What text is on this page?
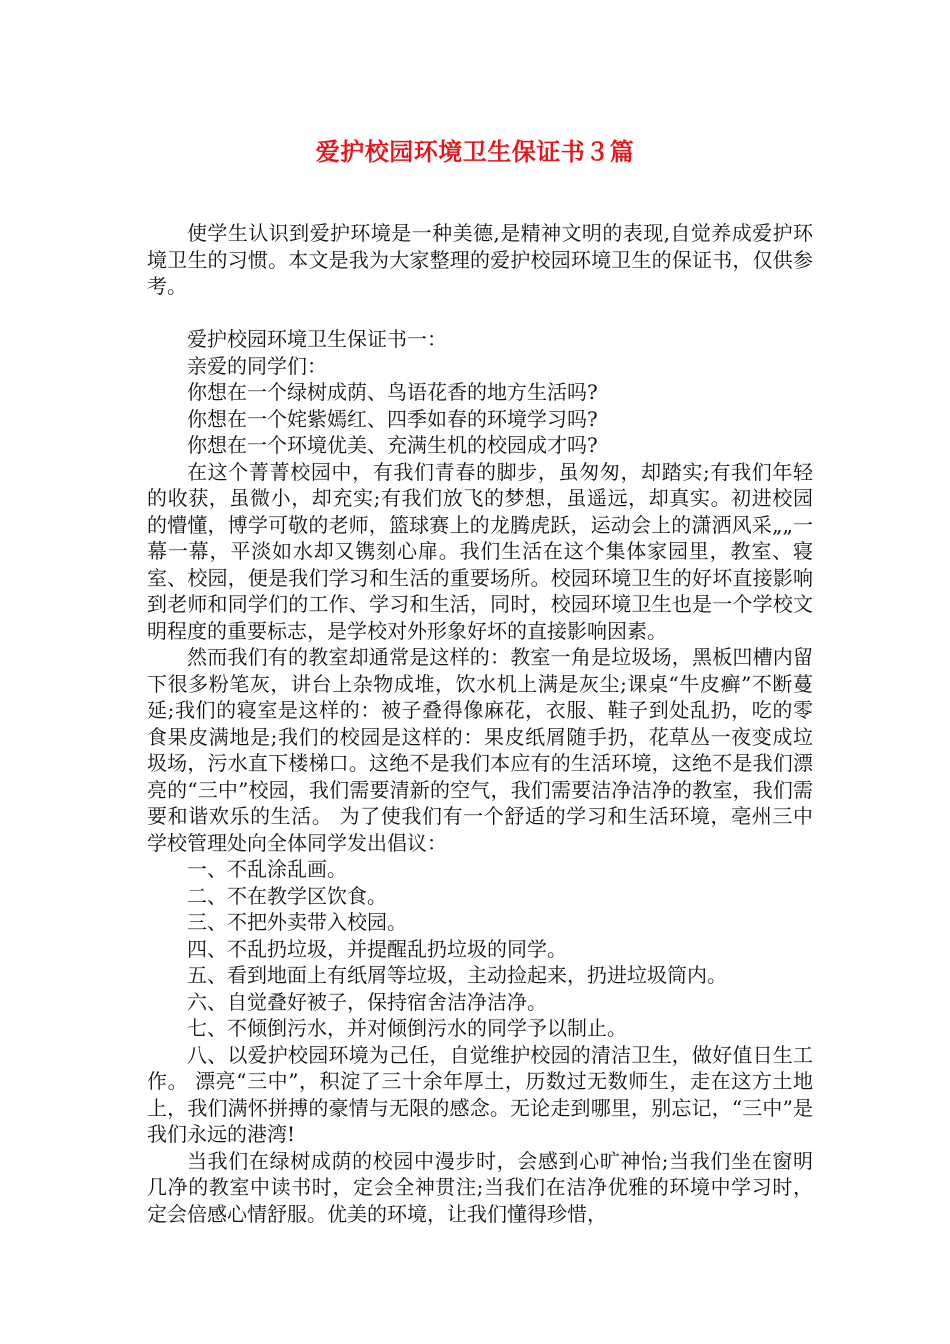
爱护校园环境卫生保证书３篇

使学生认识到爱护环境是一种美德,是精神文明的表现,自觉养成爱护环境卫生的习惯。本文是我为大家整理的爱护校园环境卫生的保证书，仅供参考。

爱护校园环境卫生保证书一：

亲爱的同学们：

你想在一个绿树成荫、鸟语花香的地方生活吗?

你想在一个姹紫嫣红、四季如春的环境学习吗?

你想在一个环境优美、充满生机的校园成才吗?

在这个菁菁校园中，有我们青春的脚步，虽匆匆，却踏实;有我们年轻的收获，虽微小，却充实;有我们放飞的梦想，虽遥远，却真实。初进校园的懵懂，博学可敬的老师，篮球赛上的龙腾虎跃，运动会上的潇洒风采„„一幕一幕，平淡如水却又镌刻心扉。我们生活在这个集体家园里，教室、寝室、校园，便是我们学习和生活的重要场所。校园环境卫生的好坏直接影响到老师和同学们的工作、学习和生活，同时，校园环境卫生也是一个学校文明程度的重要标志，是学校对外形象好坏的直接影响因素。

然而我们有的教室却通常是这样的：教室一角是垃圾场，黑板凹槽内留下很多粉笔灰，讲台上杂物成堆，饮水机上满是灰尘;课桌“牛皮癣”不断蔓延;我们的寝室是这样的：被子叠得像麻花，衣服、鞋子到处乱扔，吃的零食果皮满地是;我们的校园是这样的：果皮纸屑随手扔，花草丛一夜变成垃圾场，污水直下楼梯口。这绝不是我们本应有的生活环境，这绝不是我们漂亮的“三中”校园，我们需要清新的空气，我们需要洁净洁净的教室，我们需要和谐欢乐的生活。 为了使我们有一个舒适的学习和生活环境，亳州三中学校管理处向全体同学发出倡议：

一、不乱涂乱画。

二、不在教学区饮食。

三、不把外卖带入校园。

四、不乱扔垃圾，并提醒乱扔垃圾的同学。

五、看到地面上有纸屑等垃圾，主动捡起来，扔进垃圾筒内。

六、自觉叠好被子，保持宿舍洁净洁净。

七、不倾倒污水，并对倾倒污水的同学予以制止。

八、以爱护校园环境为己任，自觉维护校园的清洁卫生，做好值日生工作。 漂亮“三中”，积淀了三十余年厚土，历数过无数师生，走在这方土地上，我们满怀拼搏的豪情与无限的感念。无论走到哪里，别忘记，“三中”是我们永远的港湾!

当我们在绿树成荫的校园中漫步时，会感到心旷神怡;当我们坐在窗明几净的教室中读书时，定会全神贯注;当我们在洁净优雅的环境中学习时，定会倍感心情舒服。优美的环境，让我们懂得珍惜，
